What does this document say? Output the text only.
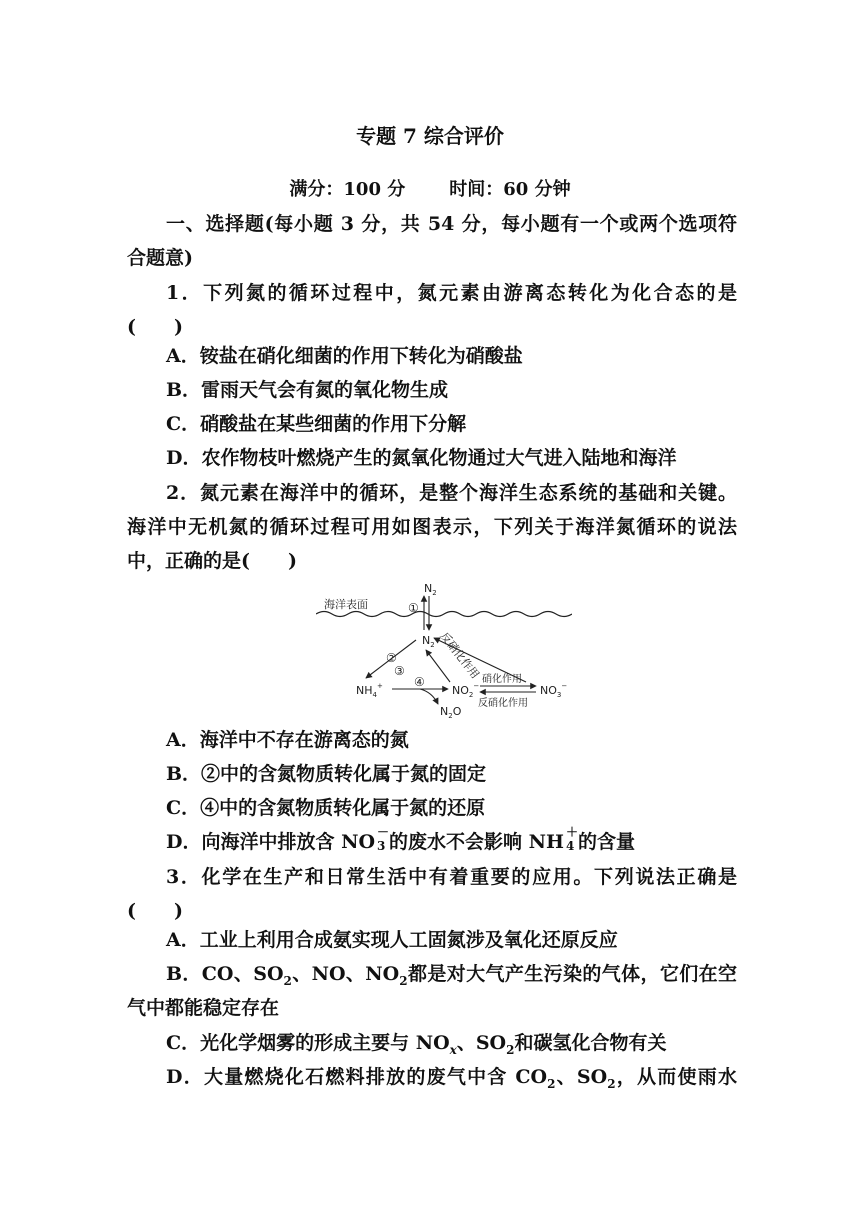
专题 7 综合评价
满分：100 分 时间：60 分钟
一、选择题(每小题 3 分，共 54 分，每小题有一个或两个选项符
合题意)
1．下列氮的循环过程中，氮元素由游离态转化为化合态的是
(　　)
A．铵盐在硝化细菌的作用下转化为硝酸盐
B．雷雨天气会有氮的氧化物生成
C．硝酸盐在某些细菌的作用下分解
D．农作物枝叶燃烧产生的氮氧化物通过大气进入陆地和海洋
2．氮元素在海洋中的循环，是整个海洋生态系统的基础和关键。
海洋中无机氮的循环过程可用如图表示，下列关于海洋氮循环的说法
中，正确的是(　　)
海洋表面
$N_2$
①
$N_2$
②
③	反硝化作用
$NH_4^+$	④
$N_2O$
$NO_2^-$
硝化作用
反硝化作用
$NO_3^-$
A．海洋中不存在游离态的氮
B．②中的含氮物质转化属于氮的固定
C．④中的含氮物质转化属于氮的还原
D．向海洋中排放含 NO －
3 的废水不会影响 NH ＋
4 的含量
3．化学在生产和日常生活中有着重要的应用。下列说法正确是
(　　)
A．工业上利用合成氨实现人工固氮涉及氧化还原反应
B．CO、$SO_2$、NO、$NO_2$都是对大气产生污染的气体，它们在空
气中都能稳定存在
C．光化学烟雾的形成主要与 $NO_x$、$SO_2$和碳氢化合物有关
D．大量燃烧化石燃料排放的废气中含 $CO_2$、$SO_2$，从而使雨水
